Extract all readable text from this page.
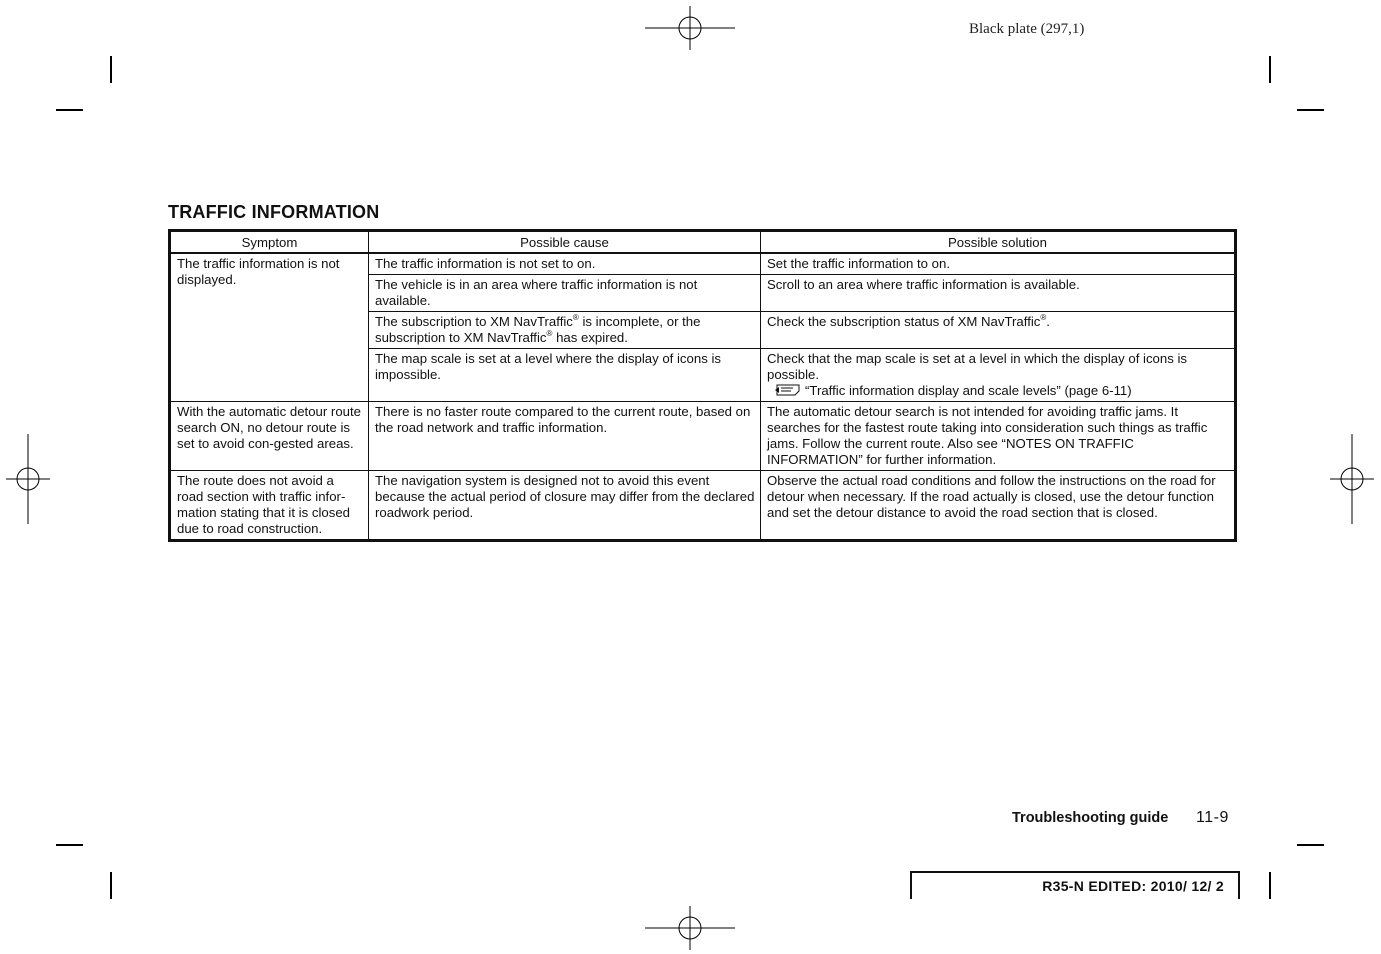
Black plate (297,1)
TRAFFIC INFORMATION
Symptom	Possible cause	Possible solution
The traffic information is not displayed.	The traffic information is not set to on.	Set the traffic information to on.
	The vehicle is in an area where traffic information is not available.	Scroll to an area where traffic information is available.
	The subscription to XM NavTraffic® is incomplete, or the subscription to XM NavTraffic® has expired.	Check the subscription status of XM NavTraffic®.
	The map scale is set at a level where the display of icons is impossible.	Check that the map scale is set at a level in which the display of icons is possible.
“Traffic information display and scale levels” (page 6-11)

With the automatic detour route search ON, no detour route is set to avoid con-gested areas.	There is no faster route compared to the current route, based on the road network and traffic information.	The automatic detour search is not intended for avoiding traffic jams. It searches for the fastest route taking into consideration such things as traffic jams. Follow the current route. Also see “NOTES ON TRAFFIC INFORMATION” for further information.
The route does not avoid a road section with traffic infor-mation stating that it is closed due to road construction.	The navigation system is designed not to avoid this event because the actual period of closure may differ from the declared roadwork period.	Observe the actual road conditions and follow the instructions on the road for detour when necessary. If the road actually is closed, use the detour function and set the detour distance to avoid the road section that is closed.
Troubleshooting guide 11-9
R35-N EDITED: 2010/ 12/ 2
